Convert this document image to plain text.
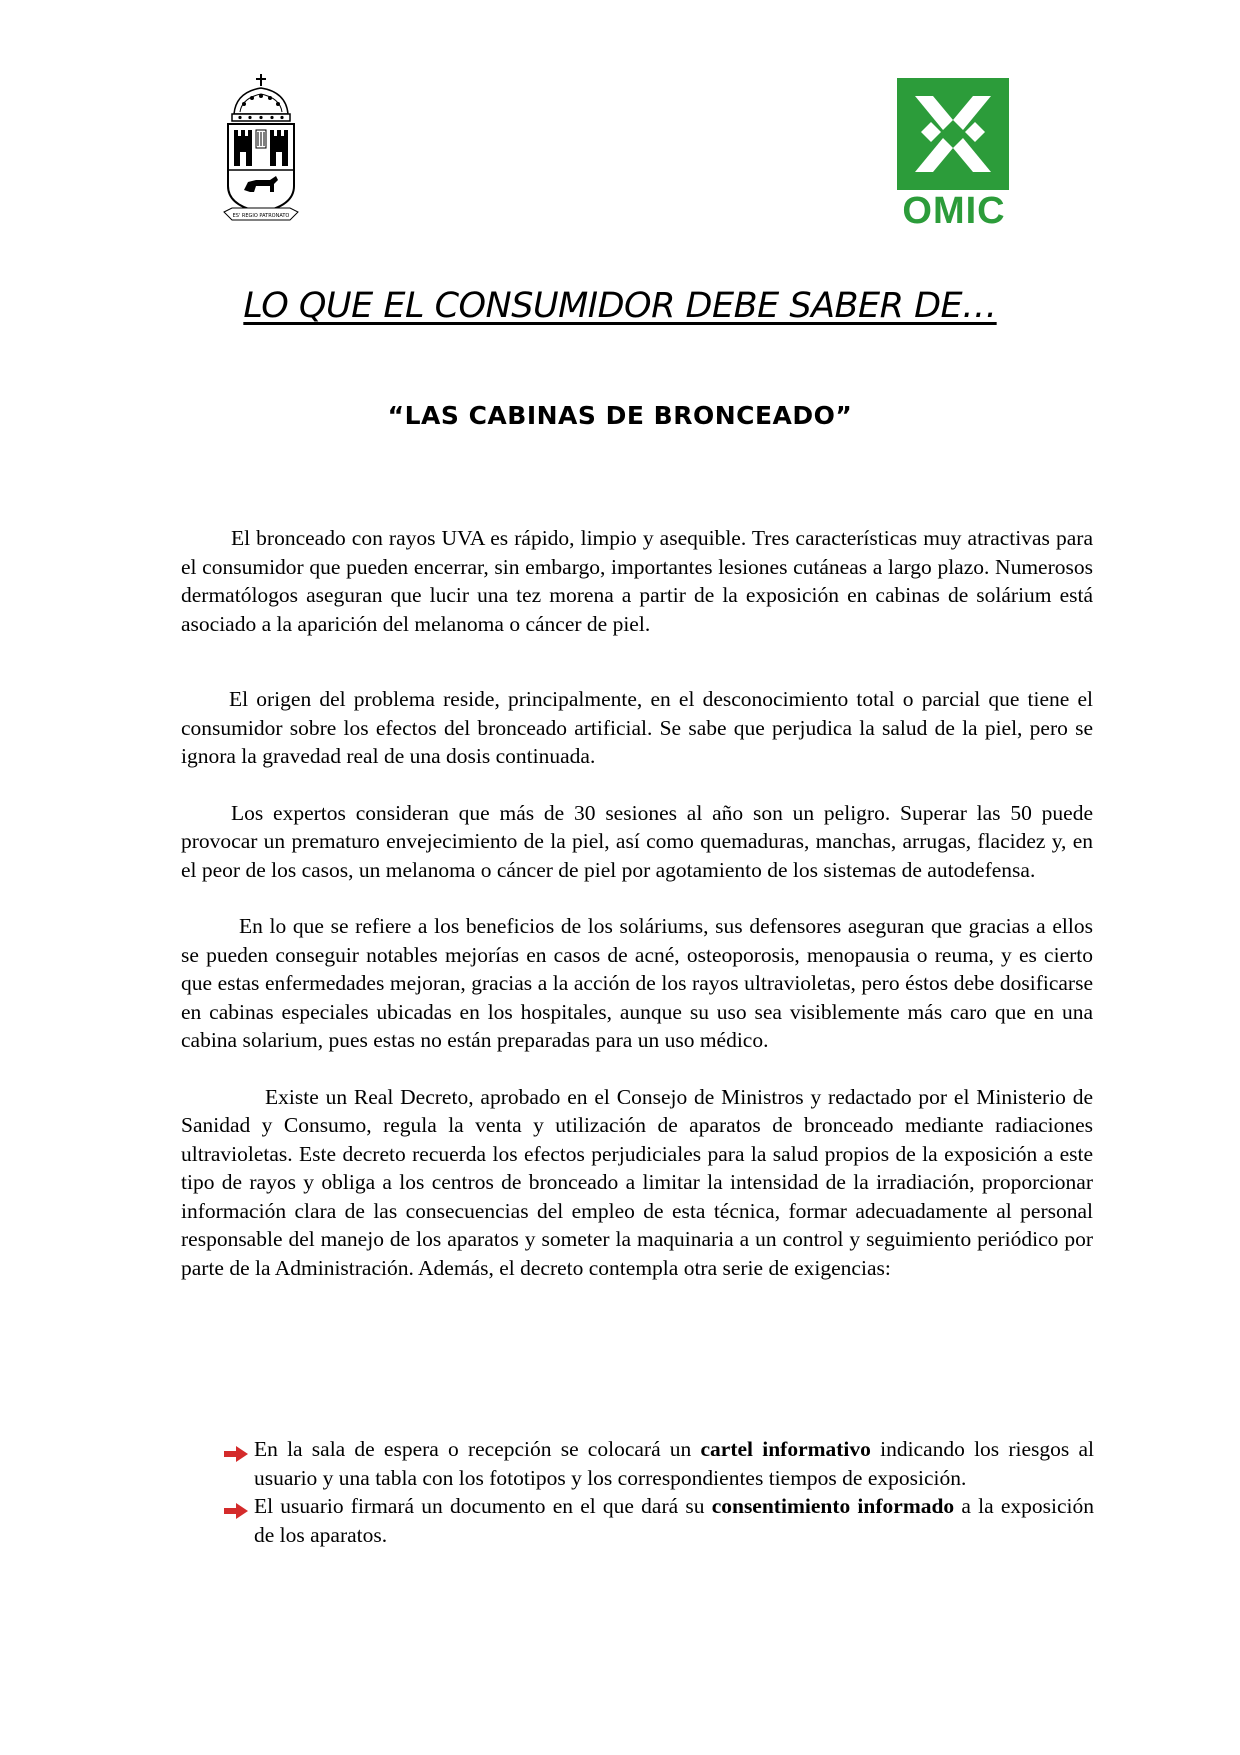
ES' REGIO PATRONATO	OMIC
LO QUE EL CONSUMIDOR DEBE SABER DE…
“LAS CABINAS DE BRONCEADO”

El bronceado con rayos UVA es rápido, limpio y asequible. Tres características muy atractivas para el consumidor que pueden encerrar, sin embargo, importantes lesiones cutáneas a largo plazo. Numerosos dermatólogos aseguran que lucir una tez morena a partir de la exposición en cabinas de solárium está asociado a la aparición del melanoma o cáncer de piel.

El origen del problema reside, principalmente, en el desconocimiento total o parcial que tiene el consumidor sobre los efectos del bronceado artificial. Se sabe que perjudica la salud de la piel, pero se ignora la gravedad real de una dosis continuada.

Los expertos consideran que más de 30 sesiones al año son un peligro. Superar las 50 puede provocar un prematuro envejecimiento de la piel, así como quemaduras, manchas, arrugas, flacidez y, en el peor de los casos, un melanoma o cáncer de piel por agotamiento de los sistemas de autodefensa.

En lo que se refiere a los beneficios de los soláriums, sus defensores aseguran que gracias a ellos se pueden conseguir notables mejorías en casos de acné, osteoporosis, menopausia o reuma, y es cierto que estas enfermedades mejoran, gracias a la acción de los rayos ultravioletas, pero éstos debe dosificarse en cabinas especiales ubicadas en los hospitales, aunque su uso sea visiblemente más caro que en una cabina solarium, pues estas no están preparadas para un uso médico.

Existe un Real Decreto, aprobado en el Consejo de Ministros y redactado por el Ministerio de Sanidad y Consumo, regula la venta y utilización de aparatos de bronceado mediante radiaciones ultravioletas. Este decreto recuerda los efectos perjudiciales para la salud propios de la exposición a este tipo de rayos y obliga a los centros de bronceado a limitar la intensidad de la irradiación, proporcionar información clara de las consecuencias del empleo de esta técnica, formar adecuadamente al personal responsable del manejo de los aparatos y someter la maquinaria a un control y seguimiento periódico por parte de la Administración. Además, el decreto contempla otra serie de exigencias:

En la sala de espera o recepción se colocará un cartel informativo indicando los riesgos al usuario y una tabla con los fototipos y los correspondientes tiempos de exposición.
El usuario firmará un documento en el que dará su consentimiento informado a la exposición de los aparatos.
